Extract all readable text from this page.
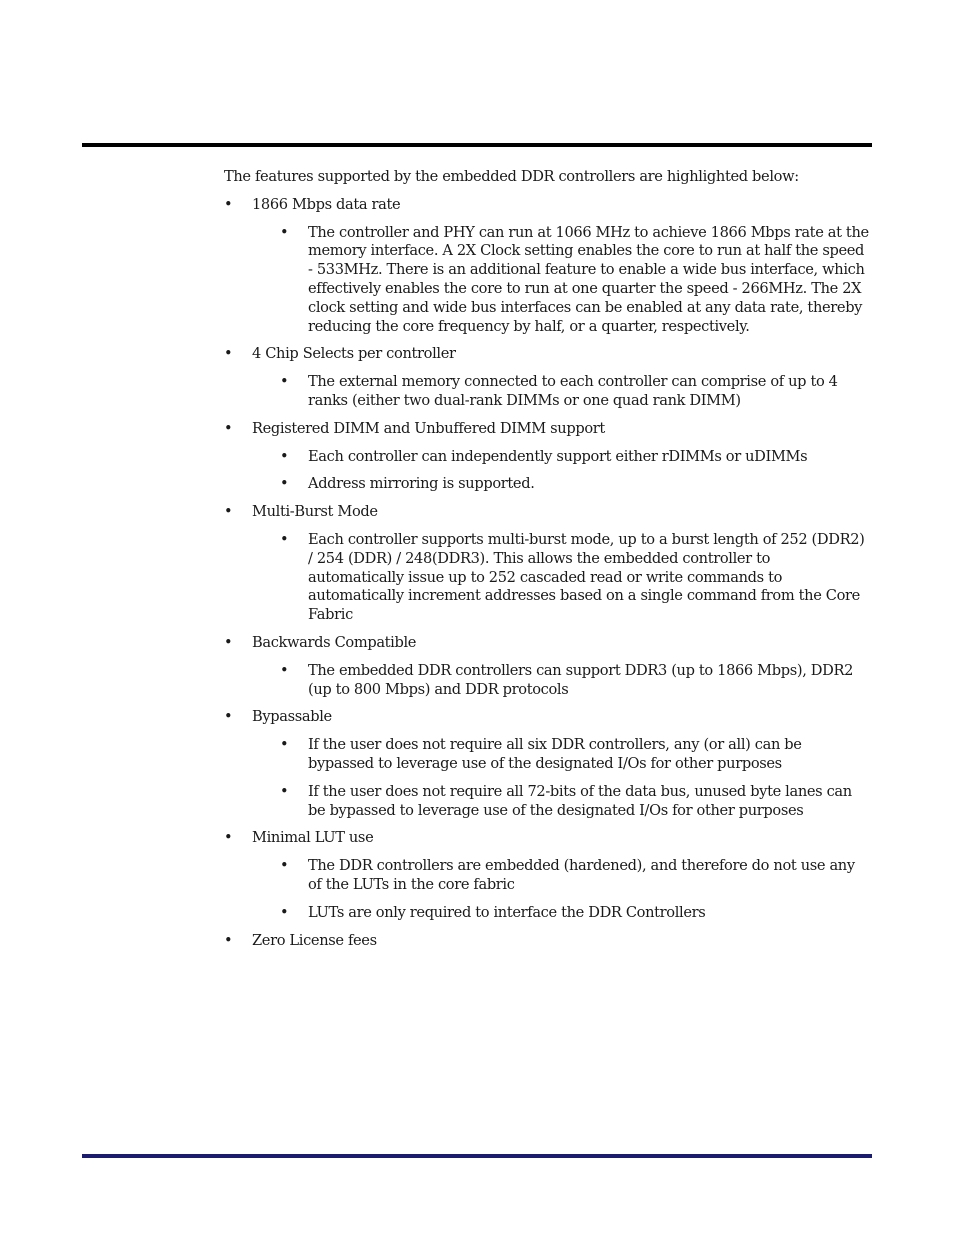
The features supported by the embedded DDR controllers are highlighted below:

• 1866 Mbps data rate
• The controller and PHY can run at 1066 MHz to achieve 1866 Mbps rate at the memory interface. A 2X Clock setting enables the core to run at half the speed - 533MHz. There is an additional feature to enable a wide bus interface, which effectively enables the core to run at one quarter the speed - 266MHz. The 2X clock setting and wide bus interfaces can be enabled at any data rate, thereby reducing the core frequency by half, or a quarter, respectively.
• 4 Chip Selects per controller
• The external memory connected to each controller can comprise of up to 4 ranks (either two dual-rank DIMMs or one quad rank DIMM)
• Registered DIMM and Unbuffered DIMM support
• Each controller can independently support either rDIMMs or uDIMMs
• Address mirroring is supported.
• Multi-Burst Mode
• Each controller supports multi-burst mode, up to a burst length of 252 (DDR2) / 254 (DDR) / 248(DDR3). This allows the embedded controller to automatically issue up to 252 cascaded read or write commands to automatically increment addresses based on a single command from the Core Fabric
• Backwards Compatible
• The embedded DDR controllers can support DDR3 (up to 1866 Mbps), DDR2 (up to 800 Mbps) and DDR protocols
• Bypassable
• If the user does not require all six DDR controllers, any (or all) can be bypassed to leverage use of the designated I/Os for other purposes
• If the user does not require all 72-bits of the data bus, unused byte lanes can be bypassed to leverage use of the designated I/Os for other purposes
• Minimal LUT use
• The DDR controllers are embedded (hardened), and therefore do not use any of the LUTs in the core fabric
• LUTs are only required to interface the DDR Controllers
• Zero License fees
